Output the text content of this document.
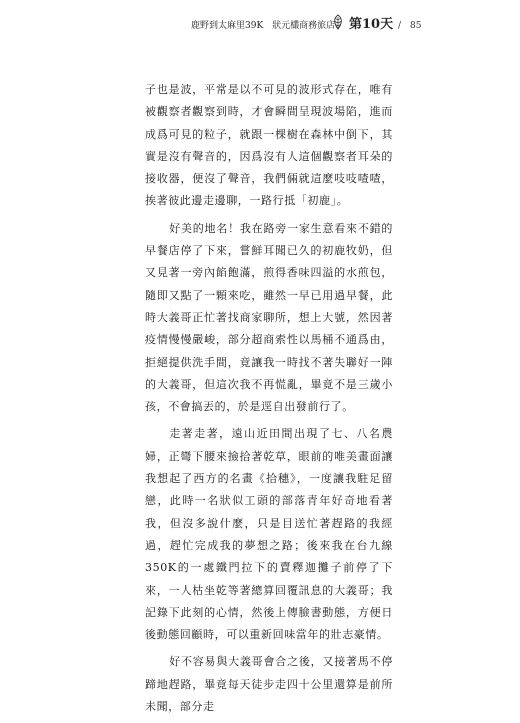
鹿野到太麻里39K　狀元欉商務旅店 第10天 /　85

子也是波，平常是以不可見的波形式存在，唯有被觀察者觀察到時，才會瞬間呈現波場陷，進而成爲可見的粒子，就跟一棵樹在森林中倒下，其實是沒有聲音的，因爲沒有人這個觀察者耳朵的接收器，便沒了聲音，我們倆就這麼吱吱喳喳，挨著彼此邊走邊聊，一路行抵「初鹿」。

好美的地名！我在路旁一家生意看來不錯的早餐店停了下來，嘗鮮耳聞已久的初鹿牧奶，但又見著一旁內餡飽滿，煎得香味四溢的水煎包，隨即又點了一顆來吃，雖然一早已用過早餐，此時大義哥正忙著找商家聊所，想上大號，然因著疫情慢慢嚴峻，部分超商索性以馬桶不通爲由，拒絕提供洗手間，竟讓我一時找不著失聯好一陣的大義哥，但這次我不再慌亂，畢竟不是三歲小孩，不會搞丟的，於是逕自出發前行了。

走著走著，遠山近田間出現了七、八名農婦，正彎下腰來撿拾著乾草，眼前的唯美畫面讓我想起了西方的名畫《拾穗》，一度讓我駐足留戀，此時一名狀似工頭的部落青年好奇地看著我，但沒多說什麼，只是目送忙著趕路的我經過，趕忙完成我的夢想之路；後來我在台九線350K的一處鐵門拉下的賣釋迦攤子前停了下來，一人枯坐乾等著總算回覆訊息的大義哥；我記錄下此刻的心情，然後上傳臉書動態，方便日後動態回顧時，可以重新回味當年的壯志豪情。

好不容易與大義哥會合之後，又接著馬不停蹄地趕路，畢竟每天徒步走四十公里還算是前所未聞，部分走
